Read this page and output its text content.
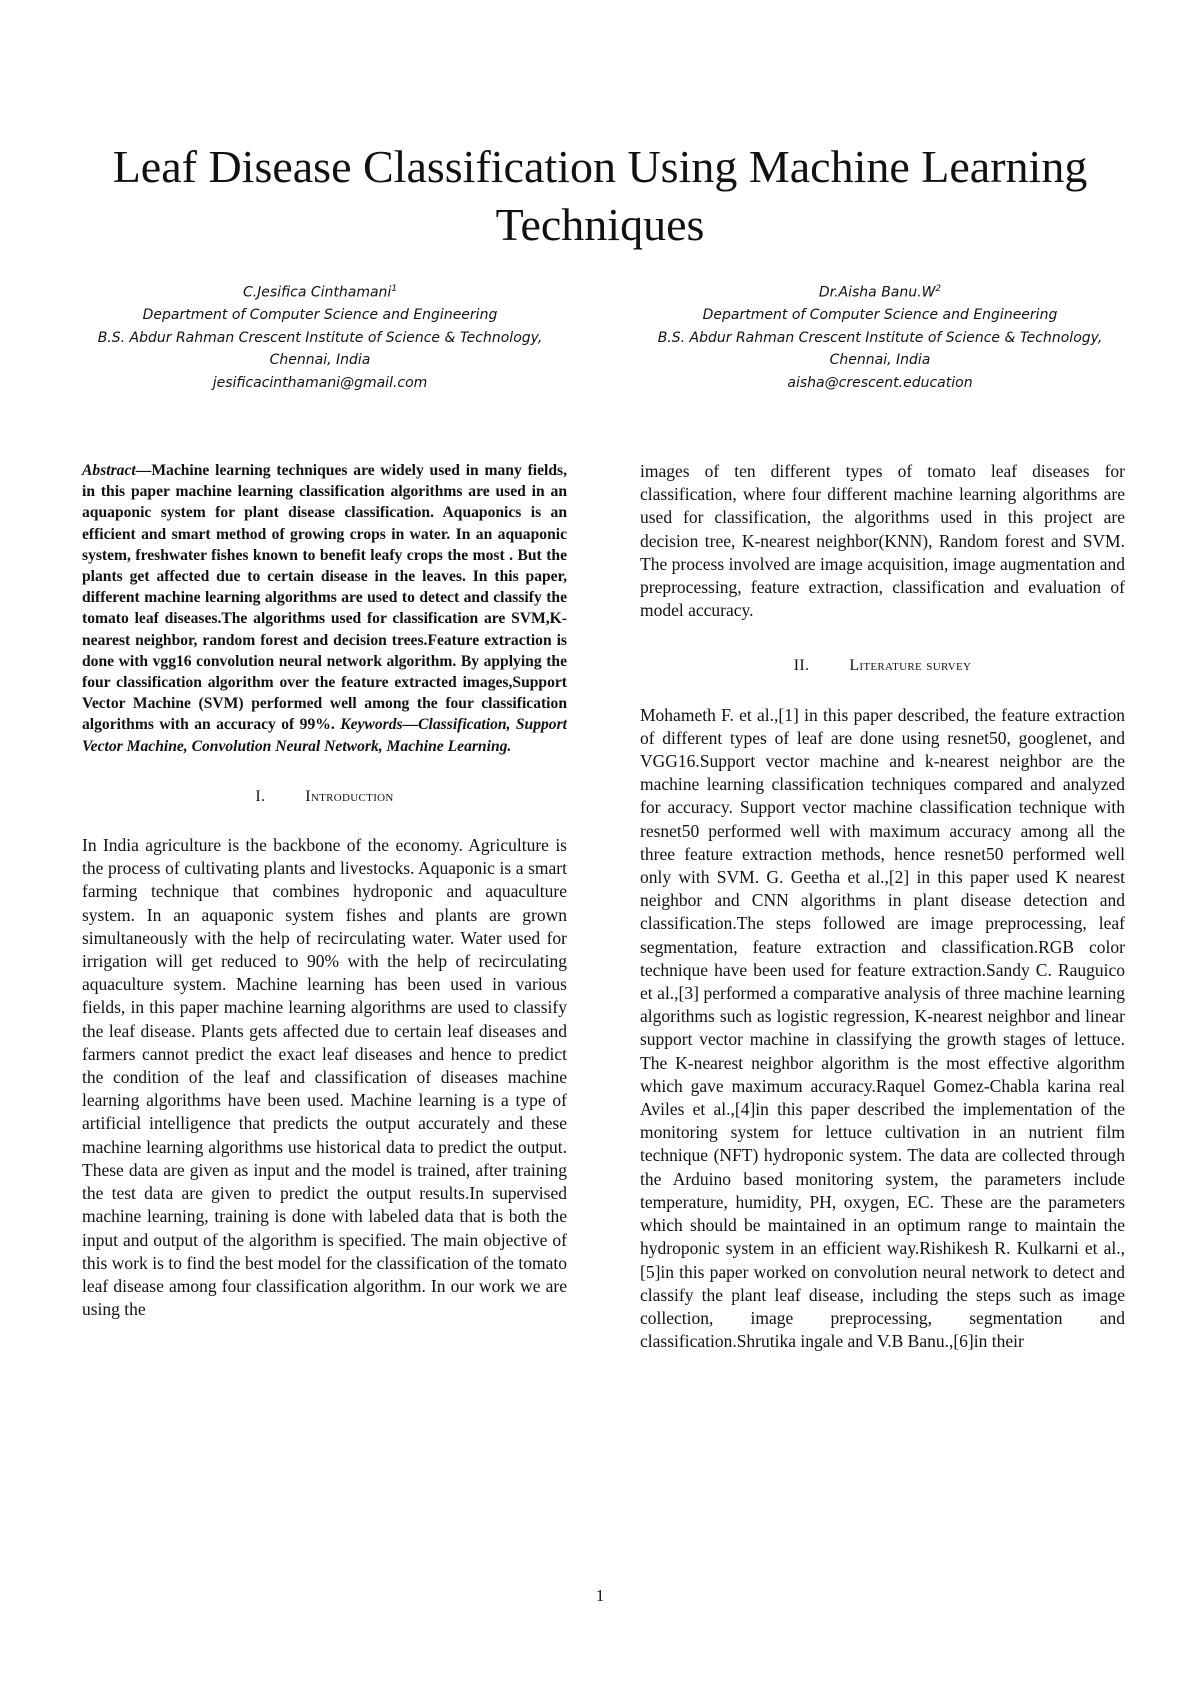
Leaf Disease Classification Using Machine Learning Techniques
C.Jesifica Cinthamani$^1$
Department of Computer Science and Engineering
B.S. Abdur Rahman Crescent Institute of Science & Technology,
Chennai, India
jesificacinthamani@gmail.com
Dr.Aisha $Banu.W^2$
Department of Computer Science and Engineering
B.S. Abdur Rahman Crescent Institute of Science & Technology,
Chennai, India
aisha@crescent.education

Abstract—Machine learning techniques are widely used in many fields, in this paper machine learning classification algorithms are used in an aquaponic system for plant disease classification. Aquaponics is an efficient and smart method of growing crops in water. In an aquaponic system, freshwater fishes known to benefit leafy crops the most . But the plants get affected due to certain disease in the leaves. In this paper, different machine learning algorithms are used to detect and classify the tomato leaf diseases.The algorithms used for classification are SVM,K-nearest neighbor, random forest and decision trees.Feature extraction is done with vgg16 convolution neural network algorithm. By applying the four classification algorithm over the feature extracted images,Support Vector Machine (SVM) performed well among the four classification algorithms with an accuracy of 99%. Keywords—Classification, Support Vector Machine, Convolution Neural Network, Machine Learning.

I.	Introduction

In India agriculture is the backbone of the economy. Agriculture is the process of cultivating plants and livestocks. Aquaponic is a smart farming technique that combines hydroponic and aquaculture system. In an aquaponic system fishes and plants are grown simultaneously with the help of recirculating water. Water used for irrigation will get reduced to 90% with the help of recirculating aquaculture system. Machine learning has been used in various fields, in this paper machine learning algorithms are used to classify the leaf disease. Plants gets affected due to certain leaf diseases and farmers cannot predict the exact leaf diseases and hence to predict the condition of the leaf and classification of diseases machine learning algorithms have been used. Machine learning is a type of artificial intelligence that predicts the output accurately and these machine learning algorithms use historical data to predict the output. These data are given as input and the model is trained, after training the test data are given to predict the output results.In supervised machine learning, training is done with labeled data that is both the input and output of the algorithm is specified. The main objective of this work is to find the best model for the classification of the tomato leaf disease among four classification algorithm. In our work we are using the

images of ten different types of tomato leaf diseases for classification, where four different machine learning algorithms are used for classification, the algorithms used in this project are decision tree, K-nearest neighbor(KNN), Random forest and SVM. The process involved are image acquisition, image augmentation and preprocessing, feature extraction, classification and evaluation of model accuracy.

II.	Literature survey

Mohameth F. et al.,[1] in this paper described, the feature extraction of different types of leaf are done using resnet50, googlenet, and VGG16.Support vector machine and k-nearest neighbor are the machine learning classification techniques compared and analyzed for accuracy. Support vector machine classification technique with resnet50 performed well with maximum accuracy among all the three feature extraction methods, hence resnet50 performed well only with SVM. G. Geetha et al.,[2] in this paper used K nearest neighbor and CNN algorithms in plant disease detection and classification.The steps followed are image preprocessing, leaf segmentation, feature extraction and classification.RGB color technique have been used for feature extraction.Sandy C. Rauguico et al.,[3] performed a comparative analysis of three machine learning algorithms such as logistic regression, K-nearest neighbor and linear support vector machine in classifying the growth stages of lettuce. The K-nearest neighbor algorithm is the most effective algorithm which gave maximum accuracy.Raquel Gomez-Chabla karina real Aviles et al.,[4]in this paper described the implementation of the monitoring system for lettuce cultivation in an nutrient film technique (NFT) hydroponic system. The data are collected through the Arduino based monitoring system, the parameters include temperature, humidity, PH, oxygen, EC. These are the parameters which should be maintained in an optimum range to maintain the hydroponic system in an efficient way.Rishikesh R. Kulkarni et al.,[5]in this paper worked on convolution neural network to detect and classify the plant leaf disease, including the steps such as image collection, image preprocessing, segmentation and classification.Shrutika ingale and V.B Banu.,[6]in their

1
